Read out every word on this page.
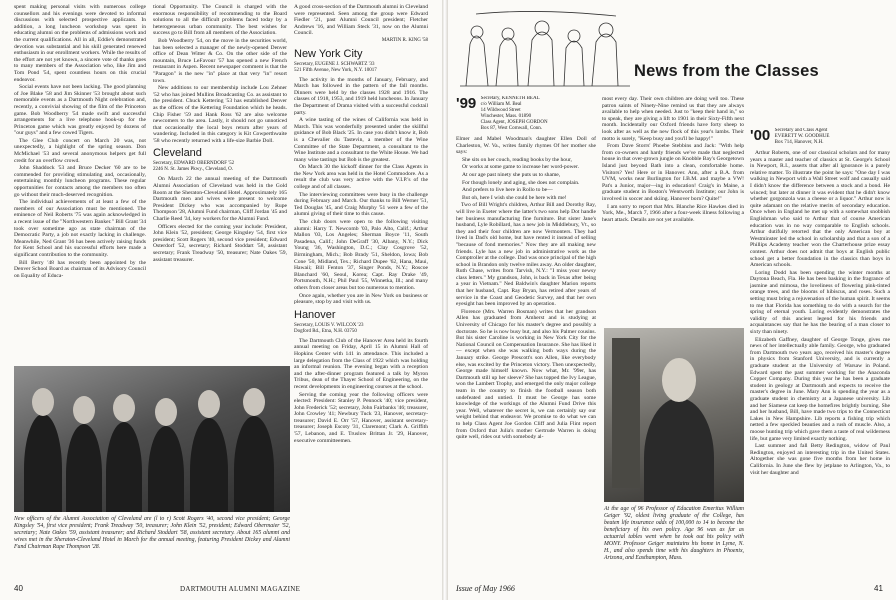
spent making personal visits with numerous college counsellors and his evenings were devoted to informal discussions with selected prospective applicants. In addition, a long luncheon workshop was spent in educating alumni on the problems of admissions work and the current qualifications. All in all, Eddie's demonstrated devotion was substantial and his skill generated renewed enthusiasm in our enrollment workers. While the results of the effort are not yet known, a sincere vote of thanks goes to many members of the Association who, like Jim and Tom Pond '54, spent countless hours on this crucial endeavor.

Social events have not been lacking. The good planning of Joe Blake '58 and Jim Skinner '53 brought about such memorable events as a Dartmouth Night celebration and, recently, a convivial showing of the film of the Princeton game. Bob Woodberry '54 made swift and successful arrangements for a live telephone hook-up for the Princeton game which was greatly enjoyed by dozens of "our guys" and a few cowed Tigers.

The Glee Club concert on March 20 was, not unexpectedly, a highlight of the spring season. Don McMichael '53 and several anonymous helpers get full credit for an overflow crowd.

John Shaddock '53 and Bruce Decker '60 are to be commended for providing stimulating and, occasionally, entertaining monthly luncheon programs. These regular opportunities for contacts among the members too often go without their much-deserved recognition.

The individual achievements of at least a few of the members of our Association must be mentioned. The eminence of Neil Roberts '75 was again acknowledged in a recent issue of the "Northwestern Banker." Bill Grant '34 took over sometime ago as state chairman of the Democratic Party, a job not exactly lacking in challenge. Meanwhile, Ned Grant '36 has been actively raising funds for Kent School and his successful efforts here made a significant contribution to the community.

Bill Berry '48 has recently been appointed by the Denver School Board as chairman of its Advisory Council on Equality of Educa-

tional Opportunity. The Council is charged with the enormous responsibility of recommending to the Board solutions to all the difficult problems faced today by a heterogeneous urban community. The best wishes for success go to Bill from all members of the Association.

Bob Woodberry '54, on the move in the securities world, has been selected a manager of the newly-opened Denver office of Dean Witter & Co. On the other side of the mountain, Bruce LeFavour '57 has opened a new French restaurant in Aspen. Recent newspaper comment is that the "Paragon" is the new "in" place at that very "in" resort town.

New additions to our membership include Lou Zehner '52 who has joined Mullins Broadcasting Co. as assistant to the president. Chuck Kettering '53 has established Denver as the offices of the Kettering Foundation which he heads. Chip Fisher '59 and Hank Ross '62 are also welcome newcomers to the area. Lastly, it should not go unnoticed that occasionally the local boys return after years of wandering. Included in this category is Kit Cowperthwaite '58 who recently returned with a life-size Barbie Doll.

Cleveland
Secretary, EDWARD OBERNDORF '52
2246 N. St. James Pkwy., Cleveland, O.

On March 22 the annual meeting of the Dartmouth Alumni Association of Cleveland was held in the Gold Room at the Sheraton-Cleveland Hotel. Approximately 165 Dartmouth men and wives were present to welcome President Dickey who was accompanied by Rupe Thompson '28, Alumni Fund chairman, Cliff Jordan '45 and Charlie Reed '34, key workers for the Alumni Fund.

Officers elected for the coming year include: President, John Klein '52, president; George Kingsley '54, first vice president; Scott Rogers '40, second vice president; Edward Osterdorf '52, secretary; Richard Stoddart '58, assistant secretary; Frank Treadway '50, treasurer; Nate Oakes '59, assistant treasurer.

A good cross-section of the Dartmouth alumni in Cleveland were represented. Seen among the group were Edward Fiedler '21, past Alumni Council president; Fletcher Andrews '16, and William Steck '31, now on the Alumni Council.

MARTIN R. KING '58
New York City
Secretary, EUGENE J. SCHWARTZ '33
521 Fifth Avenue, New York, N.Y. 10017

The activity in the months of January, February, and March has followed in the pattern of the fall months. Dinners were held by the classes 1928 and 1916. The classes of 1918, 1953, and 1919 held luncheons. In January the Department of Drama visited with a successful cocktail party.

A wine tasting of the wines of California was held in March. This was wonderfully presented under the skillful guidance of Bob Black '25. In case you didn't know it, Bob is a Chevalier du Tastevin, a member of the Wine Committee of the State Department, a consultant to the Wine Institute and a consultant to the White House. We had many wine tastings but Bob is the greatest.

On March 30 the kickoff dinner for the Class Agents in the New York area was held in the Hotel Commodore. As a result the club was very active with the V.I.P.'s of the college and of all classes.

The interviewing committees were busy in the challenge during February and March. Our thanks to Bill Werner '51, Ted Douglas '45, and Craig Murphy '51 were a few of the alumni giving of their time to this cause.

The club doors were open to the following visiting alumni: Harry T. Newcomb '03, Palo Alto, Calif.; Arthur Mallon '03, Los Angeles; Sherman Boyce '11, South Pasadena, Calif.; John DeGraff '30, Albany, N.Y.; Dick Young '36, Washington, D.C.; Clay Cosgrove '52, Birmingham, Mich.; Bob Brady '51, Sheldon, Iowa; Bob Cone '50, Midland, Tex.; Richard Dupee '62, Hana, Maui, Hawaii; Bill Fenton '37, Singer Ponds, N.Y.; Roscoe Blanchard '60, Seoul, Korea; Capt. Ray Drake '49, Portsmouth, N.H.; Phil Paul '55, Winnetka, Ill.; and many others from closer areas but too numerous to mention.

Once again, whether you are in New York on business or pleasure, stop by and visit with us.

Hanover
Secretary, LOUIS V. WILCOX '23
Dogford Rd., Etna, N.H. 03750

The Dartmouth Club of the Hanover Area held its fourth annual meeting on Friday, April 15 in Alumni Hall of Hopkins Center with 141 in attendance. This included a large delegation from the Class of 1922 which was holding an informal reunion. The evening began with a reception and the after-dinner program featured a talk by Myron Tribus, dean of the Thayer School of Engineering, on the recent developments in engineering courses at the school.

Serving the coming year the following officers were elected: President: Stanley P. Pennock '40; vice president, John Frederick '52; secretary, John Fairbanks '46; treasurer, John Crowley '41; Newbury Tuck '23, Hanover, secretary-treasurer; David E. Orr '57, Hanover, assistant secretary-treasurer; Joseph Escoty '31, Claremont; Clark A. Griffith '57, Lebanon, and E. Truslow Brittan Jr. '29, Hanover, executive committeemen.

New officers of the Alumni Association of Cleveland are (l to r) Scott Rogers '40, second vice president; George Kingsley '54, first vice president; Frank Treadway '50, treasurer; John Klein '52, president; Edward Obermaier '52, secretary; Nate Oakes '59, assistant treasurer; and Richard Stoddart '58, assistant secretary. About 165 alumni and wives met in the Sheraton-Cleveland Hotel in March for the annual meeting, featuring President Dickey and Alumni Fund Chairman Rupe Thompson '28.
40	DARTMOUTH ALUMNI MAGAZINE
News from the Classes
'99 Secretary, KENNETH BEAL
c/o William M. Beal
14 Wildwood Street
Winchester, Mass. 01890
Class Agent, JOSEPH GORDON
Box 87, West Cornwall, Conn.

Elmer and Mabel Woodman's daughter Ellen Doll of Charleston, W. Va., writes family rhymes Of her mother she says:

She sits on her couch, reading books by the hour,

Or works at some game to increase her word-power.

At our age past ninety she puts us to shame,

For though lonely and aging, she does not complain.

And prefers to live here in Rollo to be—

But oh, here I wish she could be here with me!

Two of Bill Wright's children, Arthur Bill and Dorothy Ray, will live in Exeter where the latter's two sons help Dot handle her business manufacturing fine furniture. But sister Jane's husband, Lyle Robillard, has a new job in Middlebury, Vt., so they and their four children are now Vermonters. They had lived in Dad's old home, but have rented it instead of selling "because of fond memories." Now they are all making new friends. Lyle has a new job in administrative work as the Comptroller at the college. Dad was once principal of the high school in Brandon only twelve miles away. An older daughter, Ruth Chase, writes from Tarvish, N.Y.: "I miss your newsy class letters." My grandson, John, is back in Texas after being a year in Vietnam." Ned Baldwin's daughter Marion reports that her husband, Capt. Ray Bryan, has retired after years of service in the Coast and Geodetic Survey, and that her own eyesight has been improved by an operation.

Florence (Mrs. Warren Bosman) writes that her grandson Allen has graduated from Amherst and is studying at University of Chicago for his master's degree and possibly a doctorate. So he is now busy but, and also his Palmer cousins. But his sister Caroline is working in New York City for the National Council on Compensation Insurance. She has liked it — except when she was walking both ways during the January strike. George Prescott's son Allen, like everybody else, was excited by the Princeton victory. Then unexpectedly, George made himself known. Now what, Mr. '99er, has Dartmouth still up her sleeve? She has topped the Ivy League, won the Lambert Trophy, and emerged the only major college team in the country to finish the football season both undefeated and untied. It must be George has some knowledge of the workings of the Alumni Fund Drive this year. Well, whatever the secret is, we can certainly say our weight behind that endeavor. We promise to do what we can to help Class Agent Joe Gordon Cliff and Julia Flint report from Oxford that Julia's mother Gertrude Warren is doing quite well, rides out with somebody al-

most every day. Their own children are doing well too. These patron saints of Ninety-Nine remind us that they are always available to help when needed. Just to "keep their hand in," so to speak, they are giving a lift to 1901 in their Sixty-Fifth next month. Incidentally our Oxford friends have forty sheep to look after as well as the new flock of this year's lambs. Their motto is surely, "Keep busy and you'll be happy!"

From Dave Storrs' Phoebe Stebbins and Jack: "With help from co-owners and hardy friends we've made that neglected house in that over-grown jungle on Knobble Bay's Georgetown Island just beyond Bath into a clean, comfortable home. Visitors? Yes! Here or in Hanover. Ann, after a B.A. from UVM, works near Burlington for I.B.M. and maybe a VW! Pat's a Junior, major—ing in education! Craig's in Maine, a graduate student in Boston's Wentworth Institute; our John is involved in soccer and skiing. Hanover born? Quite!"

I am sorry to report that Mrs. Blanche Rice Hawkes died in York, Me., March 7, 1966 after a four-week illness following a heart attack. Details are not yet available.

At the age of 96 Professor of Education Emeritus William Geiger '92, oldest living graduate of the College, has beaten life insurance odds of 100,000 to 14 to become the beneficiary of his own policy. Age 96 was as far as actuarial tables went when he took out his policy with MONY. Professor Geiger maintains his home in Lyme, N. H., and also spends time with his daughters in Phoenix, Arizona, and Easthampton, Mass.
'00 Secretary and Class Agent
EVERETT W. GOODHUE
Box 714, Hanover, N.H.

Arthur Roberts, one of our classical scholars and for many years a master and teacher of classics at St. George's School in Newport, R.I., asserts that after all ignorance is a purely relative matter. To illustrate the point he says: "One day I was walking in Newport with a Wall Street wolf and casually said I didn't know the difference between a stock and a bond. He winced; but later at dinner it was evident that he didn't know whether gorgonzola was a cheese or a liquor." Arthur now is quite adamant on the relative merits of secondary education. Once when in England he met up with a somewhat snobbish Englishman who said to Arthur that of course American education was in no way comparable to English schools. Arthur dutifully retorted that the only American boy at Westminster led the school in scholarship and that a son of a Phillips Academy teacher won the Charterhouse prize essay contest. Arthur does not admit that boys at English public school get a better foundation in the classics than boys in American schools.

Loring Dodd has been spending the winter months at Daytona Beach, Fla. He has been basking in the fragrance of jasmine and mimosa, the loveliness of flowering pink-tinted orange trees, and the blooms of hibiscus, and roses. Such a setting must bring a rejuvenation of the human spirit. It seems to me that Florida has something to do with a search for the spring of eternal youth. Loring evidently demonstrates the validity of this ancient legend for his friends and acquaintances say that he has the bearing of a man closer to sixty than ninety.

Elizabeth Gaffney, daughter of George Tonge, gives me news of her intellectually able family. George, who graduated from Dartmouth two years ago, received his master's degree in physics from Stanford University, and is currently a graduate student at the University of Warsaw in Poland. Edward spent the past summer working for the Anaconda Copper Company. During this year he has been a graduate student in geology at Dartmouth and expects to receive the master's degree in June. Mary Ann is spending the year as a graduate student in chemistry at a Japanese university. Lib and her Siamese cat keep the homefires brightly burning. She and her husband, Bill, have made two trips to the Connecticut Lakes in New Hampshire. Lib reports a fishing trip which netted a few speckled beauties and a rush of muscle. Also, a moose hunting trip which gave them a taste of real wilderness life, but game very limited exactly nothing.

Last summer and fall Betty Redington, widow of Paul Redington, enjoyed an interesting trip in the United States. Altogether she was gone five months from her home in California. In June she flew by jetplane to Arlington, Va., to visit her daughter and

Issue of May 1966	41
